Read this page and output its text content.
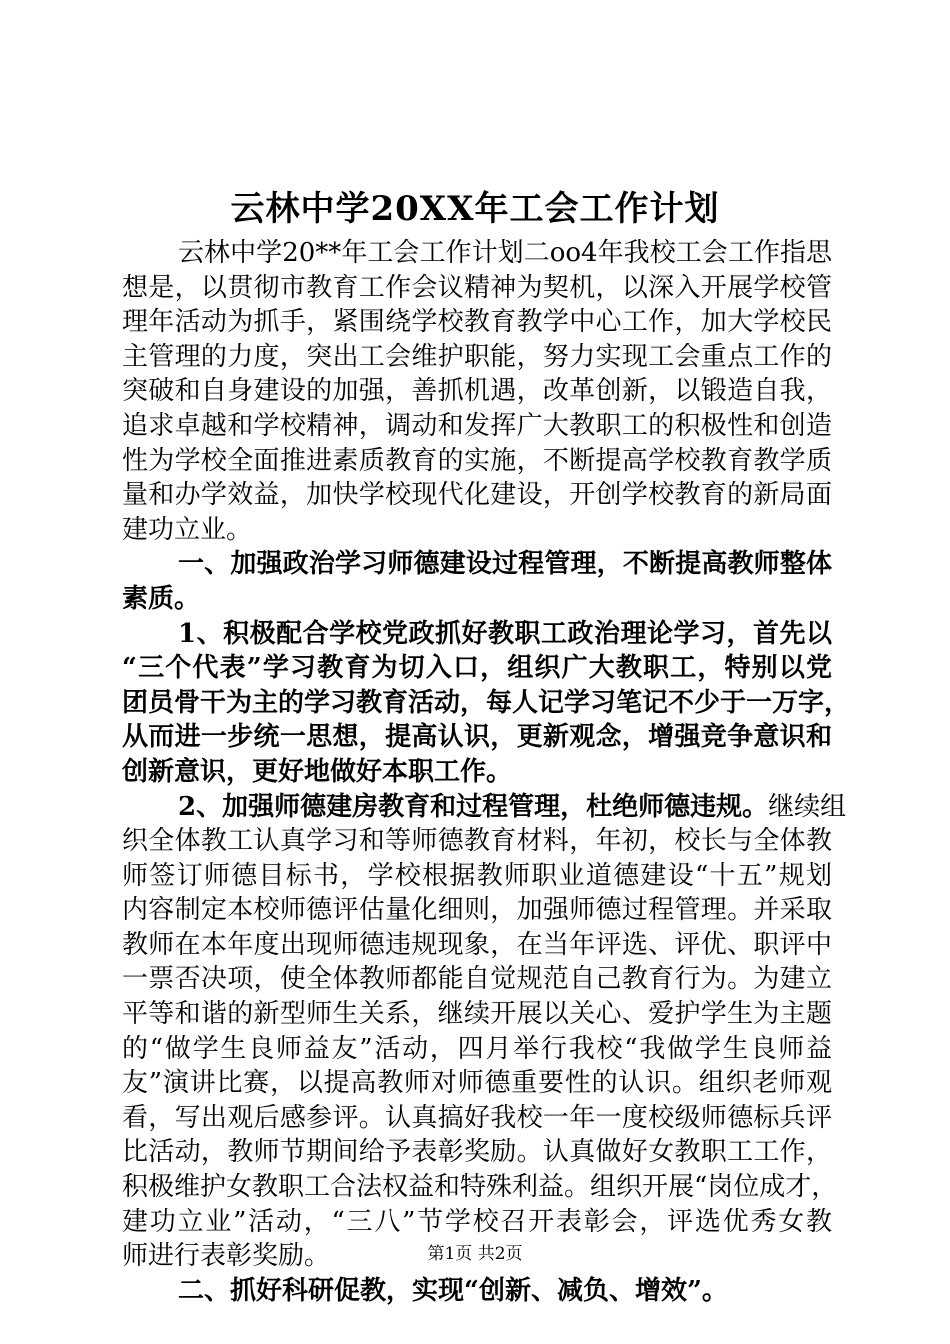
云林中学20XX年工会工作计划
云林中学20**年工会工作计划二oo4年我校工会工作指思
想是，以贯彻市教育工作会议精神为契机，以深入开展学校管
理年活动为抓手，紧围绕学校教育教学中心工作，加大学校民
主管理的力度，突出工会维护职能，努力实现工会重点工作的
突破和自身建设的加强，善抓机遇，改革创新，以锻造自我，
追求卓越和学校精神，调动和发挥广大教职工的积极性和创造
性为学校全面推进素质教育的实施，不断提高学校教育教学质
量和办学效益，加快学校现代化建设，开创学校教育的新局面
建功立业。
一、加强政治学习师德建设过程管理，不断提高教师整体
素质。
1、积极配合学校党政抓好教职工政治理论学习，首先以
“三个代表”学习教育为切入口，组织广大教职工，特别以党
团员骨干为主的学习教育活动，每人记学习笔记不少于一万字，
从而进一步统一思想，提高认识，更新观念，增强竞争意识和
创新意识，更好地做好本职工作。
2、加强师德建房教育和过程管理，杜绝师德违规。继续组
织全体教工认真学习和等师德教育材料，年初，校长与全体教
师签订师德目标书，学校根据教师职业道德建设“十五”规划
内容制定本校师德评估量化细则，加强师德过程管理。并采取
教师在本年度出现师德违规现象，在当年评选、评优、职评中
一票否决项，使全体教师都能自觉规范自己教育行为。为建立
平等和谐的新型师生关系，继续开展以关心、爱护学生为主题
的“做学生良师益友”活动，四月举行我校“我做学生良师益
友”演讲比赛，以提高教师对师德重要性的认识。组织老师观
看，写出观后感参评。认真搞好我校一年一度校级师德标兵评
比活动，教师节期间给予表彰奖励。认真做好女教职工工作，
积极维护女教职工合法权益和特殊利益。组织开展“岗位成才，
建功立业”活动，“三八”节学校召开表彰会，评选优秀女教
师进行表彰奖励。
二、抓好科研促教，实现“创新、减负、增效”。
第1页 共2页
